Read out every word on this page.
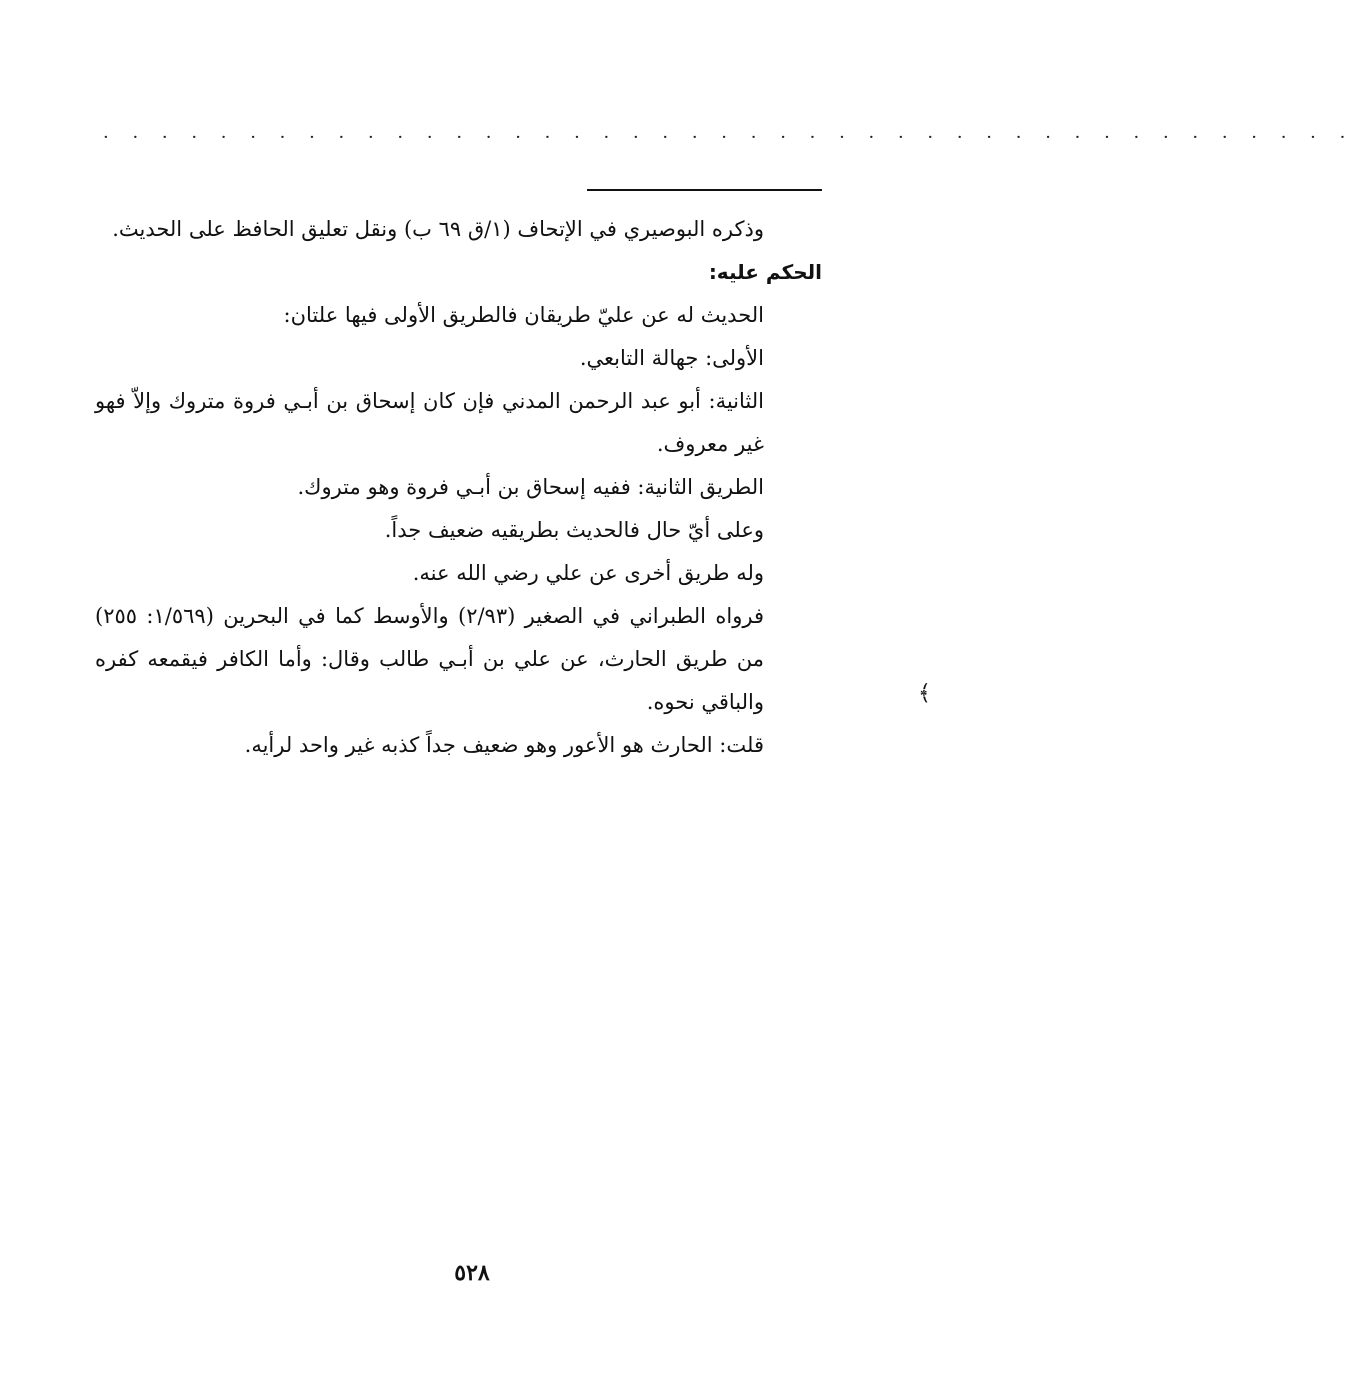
· · · · · · · · · · · · · · · · · · · · · · · · · · · · · · · · · · · · · · · · · · ·

وذكره البوصيري في الإتحاف (١/ق ٦٩ ب) ونقل تعليق الحافظ على الحديث.

الحكم عليه:

الحديث له عن عليّ طريقان فالطريق الأولى فيها علتان:

الأولى: جهالة التابعي.

الثانية: أبو عبد الرحمن المدني فإن كان إسحاق بن أبـي فروة متروك وإلاّ فهو غير معروف.

الطريق الثانية: ففيه إسحاق بن أبـي فروة وهو متروك.

وعلى أيّ حال فالحديث بطريقيه ضعيف جداً.

وله طريق أخرى عن علي رضي الله عنه.

فرواه الطبراني في الصغير (٢/٩٣) والأوسط كما في البحرين (١/٥٦٩: ٢٥٥) من طريق الحارث، عن علي بن أبـي طالب وقال: وأما الكافر فيقمعه كفره والباقي نحوه.

قلت: الحارث هو الأعور وهو ضعيف جداً كذبه غير واحد لرأيه.

﴾
٥٢٨
